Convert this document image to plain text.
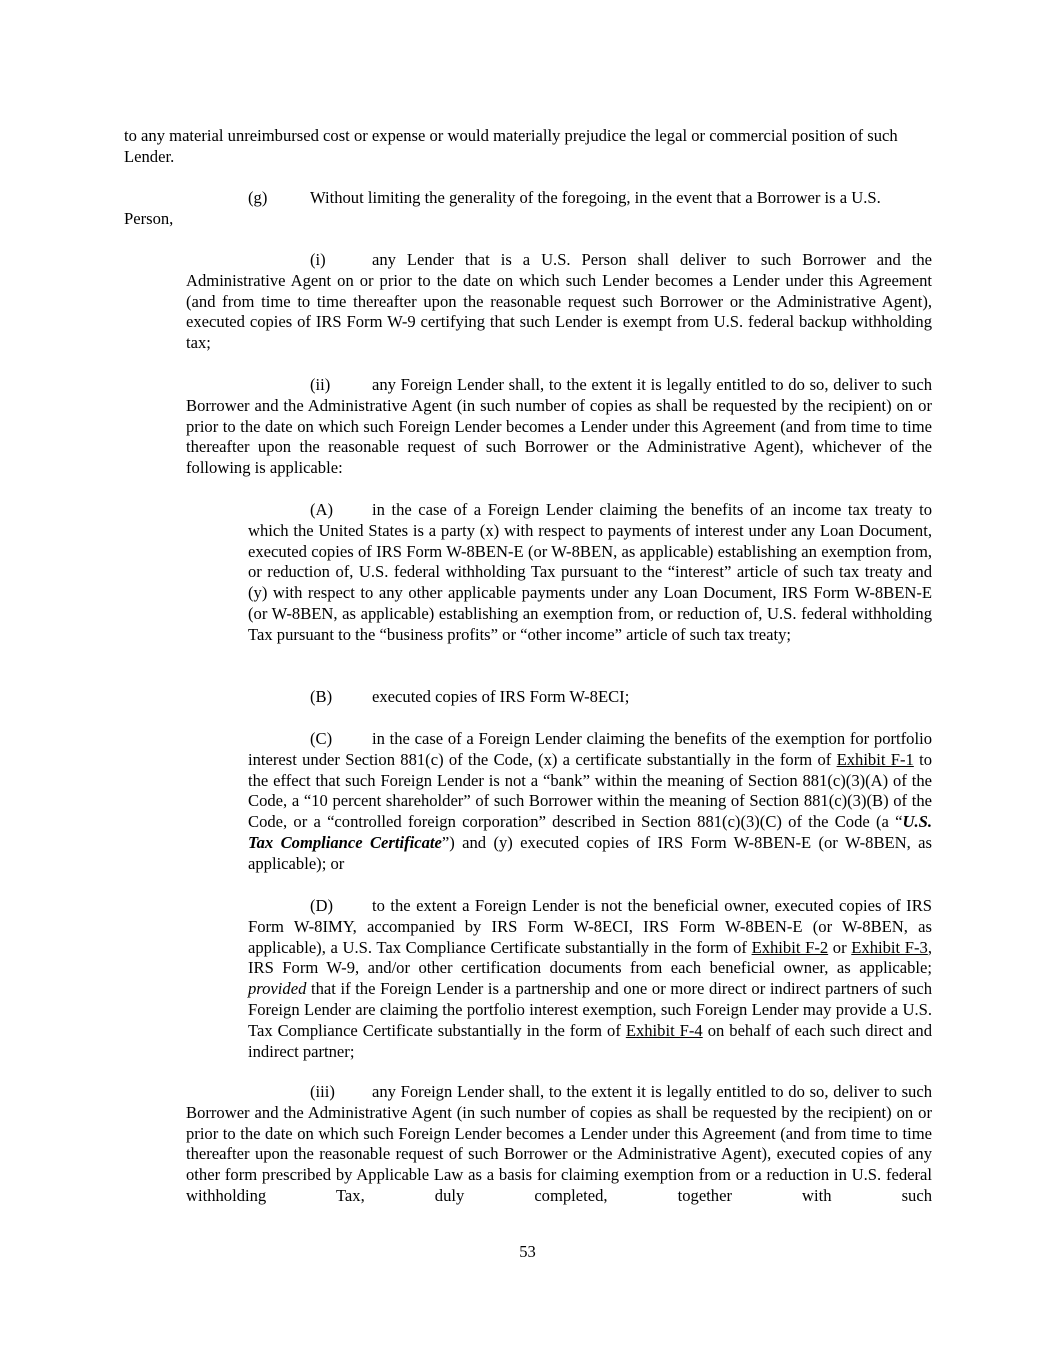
to any material unreimbursed cost or expense or would materially prejudice the legal or commercial position of such Lender.

(g)	Without limiting the generality of the foregoing, in the event that a Borrower is a U.S.

Person,

(i)	any Lender that is a U.S. Person shall deliver to such Borrower and the Administrative Agent on or prior to the date on which such Lender becomes a Lender under this Agreement (and from time to time thereafter upon the reasonable request such Borrower or the Administrative Agent), executed copies of IRS Form W-9 certifying that such Lender is exempt from U.S. federal backup withholding tax;

(ii)	any Foreign Lender shall, to the extent it is legally entitled to do so, deliver to such Borrower and the Administrative Agent (in such number of copies as shall be requested by the recipient) on or prior to the date on which such Foreign Lender becomes a Lender under this Agreement (and from time to time thereafter upon the reasonable request of such Borrower or the Administrative Agent), whichever of the following is applicable:

(A) in the case of a Foreign Lender claiming the benefits of an income tax treaty to which the United States is a party (x) with respect to payments of interest under any Loan Document, executed copies of IRS Form W-8BEN-E (or W-8BEN, as applicable) establishing an exemption from, or reduction of, U.S. federal withholding Tax pursuant to the “interest” article of such tax treaty and (y) with respect to any other applicable payments under any Loan Document, IRS Form W-8BEN-E (or W-8BEN, as applicable) establishing an exemption from, or reduction of, U.S. federal withholding Tax pursuant to the “business profits” or “other income” article of such tax treaty;

(B) executed copies of IRS Form W-8ECI;

(C) in the case of a Foreign Lender claiming the benefits of the exemption for portfolio interest under Section 881(c) of the Code, (x) a certificate substantially in the form of Exhibit F-1 to the effect that such Foreign Lender is not a “bank” within the meaning of Section 881(c)(3)(A) of the Code, a “10 percent shareholder” of such Borrower within the meaning of Section 881(c)(3)(B) of the Code, or a “controlled foreign corporation” described in Section 881(c)(3)(C) of the Code (a “U.S. Tax Compliance Certificate”) and (y) executed copies of IRS Form W-8BEN-E (or W-8BEN, as applicable); or

(D) to the extent a Foreign Lender is not the beneficial owner, executed copies of IRS Form W-8IMY, accompanied by IRS Form W-8ECI, IRS Form W-8BEN-E (or W-8BEN, as applicable), a U.S. Tax Compliance Certificate substantially in the form of Exhibit F-2 or Exhibit F-3, IRS Form W-9, and/or other certification documents from each beneficial owner, as applicable; provided that if the Foreign Lender is a partnership and one or more direct or indirect partners of such Foreign Lender are claiming the portfolio interest exemption, such Foreign Lender may provide a U.S. Tax Compliance Certificate substantially in the form of Exhibit F-4 on behalf of each such direct and indirect partner;

(iii) any Foreign Lender shall, to the extent it is legally entitled to do so, deliver to such Borrower and the Administrative Agent (in such number of copies as shall be requested by the recipient) on or prior to the date on which such Foreign Lender becomes a Lender under this Agreement (and from time to time thereafter upon the reasonable request of such Borrower or the Administrative Agent), executed copies of any other form prescribed by Applicable Law as a basis for claiming exemption from or a reduction in U.S. federal withholding Tax, duly completed, together with such

53
